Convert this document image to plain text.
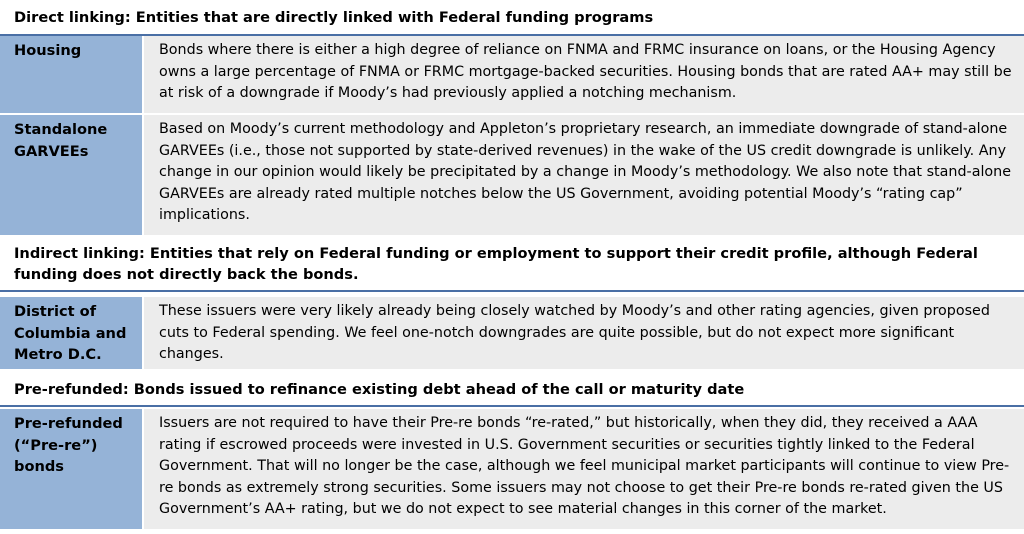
Direct linking: Entities that are directly linked with Federal funding programs
Housing	Bonds where there is either a high degree of reliance on FNMA and FRMC insurance on loans, or the Housing Agency owns a large percentage of FNMA or FRMC mortgage-backed securities. Housing bonds that are rated AA+ may still be at risk of a downgrade if Moody’s had previously applied a notching mechanism.
Standalone GARVEEs
Based on Moody’s current methodology and Appleton’s proprietary research, an immediate downgrade of stand-alone GARVEEs (i.e., those not supported by state-derived revenues) in the wake of the US credit downgrade is unlikely. Any change in our opinion would likely be precipitated by a change in Moody’s methodology. We also note that stand-alone GARVEEs are already rated multiple notches below the US Government, avoiding potential Moody’s “rating cap” implications.
Indirect linking: Entities that rely on Federal funding or employment to support their credit profile, although Federal funding does not directly back the bonds.
District of Columbia and Metro D.C.
These issuers were very likely already being closely watched by Moody’s and other rating agencies, given proposed cuts to Federal spending. We feel one-notch downgrades are quite possible, but do not expect more significant changes.
Pre-refunded: Bonds issued to refinance existing debt ahead of the call or maturity date
Pre-refunded (“Pre-re”) bonds
Issuers are not required to have their Pre-re bonds “re-rated,” but historically, when they did, they received a AAA rating if escrowed proceeds were invested in U.S. Government securities or securities tightly linked to the Federal Government. That will no longer be the case, although we feel municipal market participants will continue to view Pre-re bonds as extremely strong securities. Some issuers may not choose to get their Pre-re bonds re-rated given the US Government’s AA+ rating, but we do not expect to see material changes in this corner of the market.
